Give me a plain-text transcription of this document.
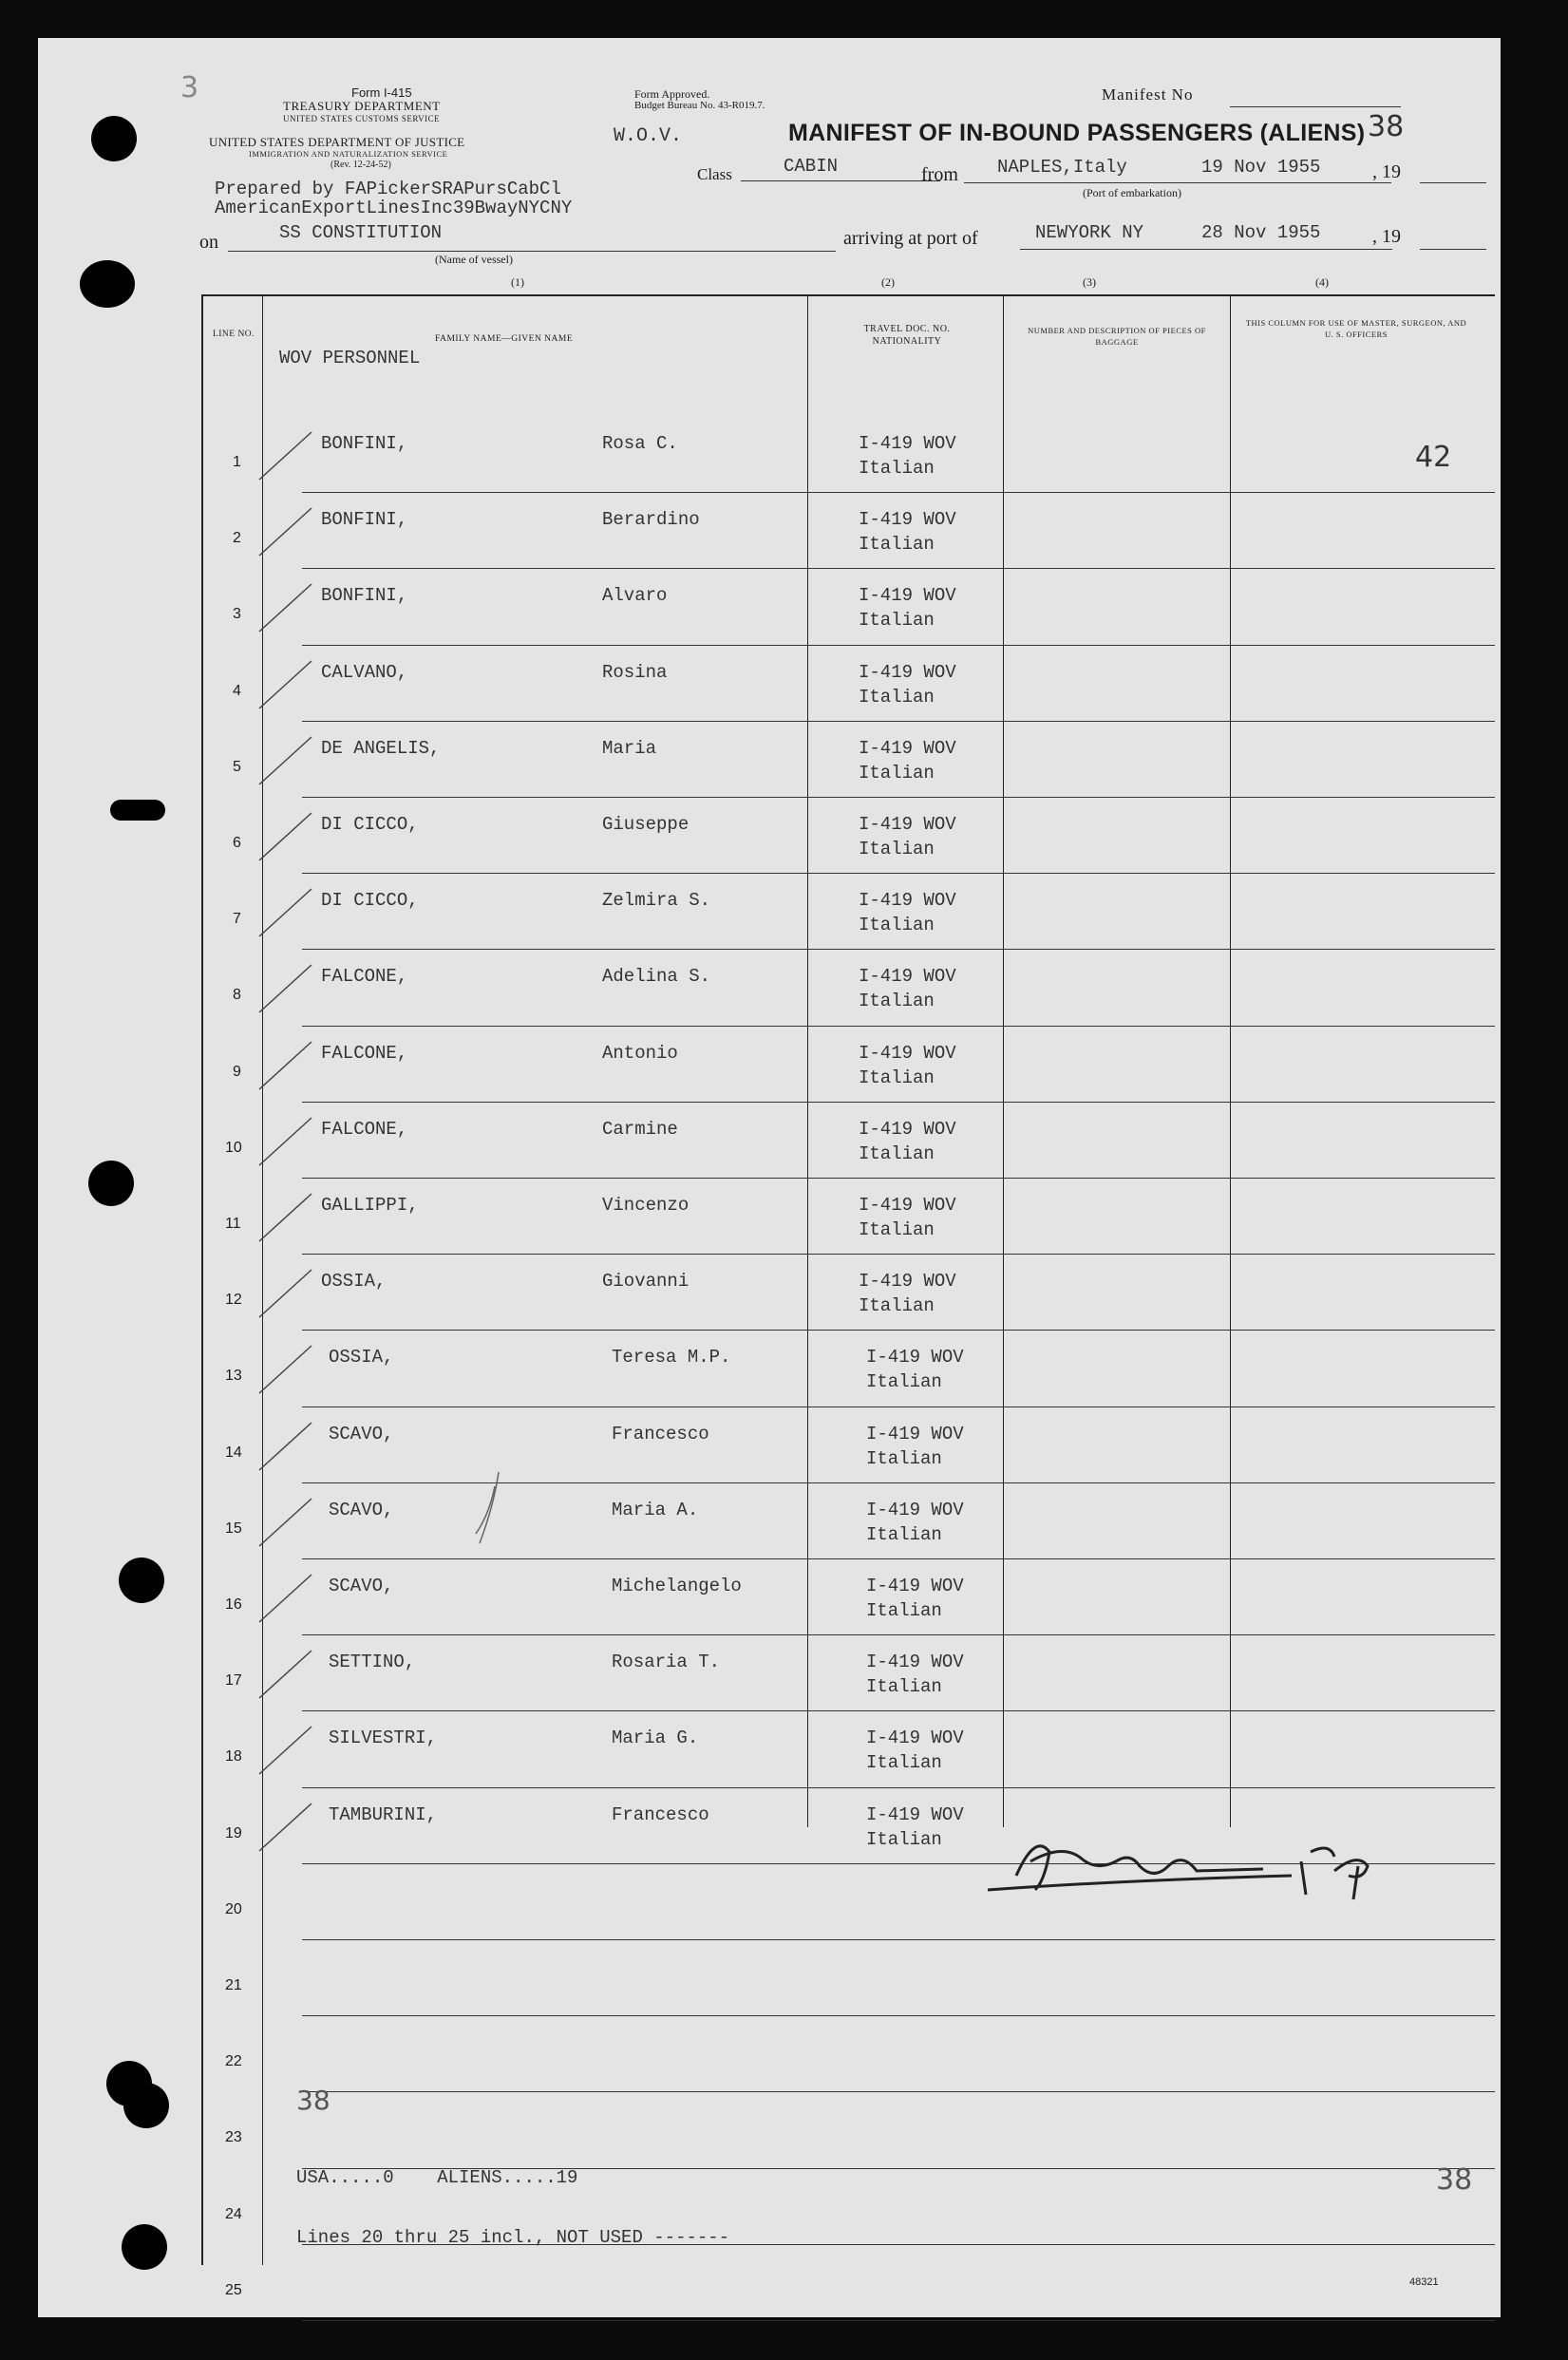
Form I-415
TREASURY DEPARTMENT
UNITED STATES CUSTOMS SERVICE
Form Approved.
Budget Bureau No. 43-R019.7.
3
UNITED STATES DEPARTMENT OF JUSTICE
IMMIGRATION AND NATURALIZATION SERVICE
(Rev. 12-24-52)
W.O.V.	MANIFEST OF IN-BOUND PASSENGERS (ALIENS)
Manifest No
38
Class	CABIN	from NAPLES,Italy	19 Nov 1955	, 19
(Port of embarkation)
Prepared by FAPickerSRAPursCabCl
AmericanExportLinesInc39BwayNYCNY
on	SS CONSTITUTION
(Name of vessel)
arriving at port of	NEWYORK NY	28 Nov 1955	, 19
(1)	(2)	(3)	(4)
LINE NO.	FAMILY NAME—GIVEN NAME
TRAVEL DOC. NO. NATIONALITY
NUMBER AND DESCRIPTION OF PIECES OF BAGGAGE
THIS COLUMN FOR USE OF MASTER, SURGEON, AND U. S. OFFICERS
WOV PERSONNEL
1
BONFINI,	Rosa C.	I-419 WOV
Italian	42
2
BONFINI,	Berardino	I-419 WOV
Italian
3
BONFINI,	Alvaro	I-419 WOV
Italian
4
CALVANO,	Rosina	I-419 WOV
Italian
5
DE ANGELIS,	Maria	I-419 WOV
Italian
6
DI CICCO,	Giuseppe	I-419 WOV
Italian
7
DI CICCO,	Zelmira S.	I-419 WOV
Italian
8
FALCONE,	Adelina S.	I-419 WOV
Italian
9
FALCONE,	Antonio	I-419 WOV
Italian
10
FALCONE,	Carmine	I-419 WOV
Italian
11
GALLIPPI,	Vincenzo	I-419 WOV
Italian
12
OSSIA,	Giovanni	I-419 WOV
Italian
13
OSSIA,	Teresa M.P.	I-419 WOV
Italian
14
SCAVO,	Francesco	I-419 WOV
Italian
15
SCAVO,	Maria A.	I-419 WOV
Italian
16
SCAVO,	Michelangelo	I-419 WOV
Italian
17
SETTINO,	Rosaria T.	I-419 WOV
Italian
18
SILVESTRI,	Maria G.	I-419 WOV
Italian
19
TAMBURINI,	Francesco	I-419 WOV
Italian
20
21
22
23
24
25
38
USA.....0    ALIENS.....19
Lines 20 thru 25 incl., NOT USED -------
38
48321
